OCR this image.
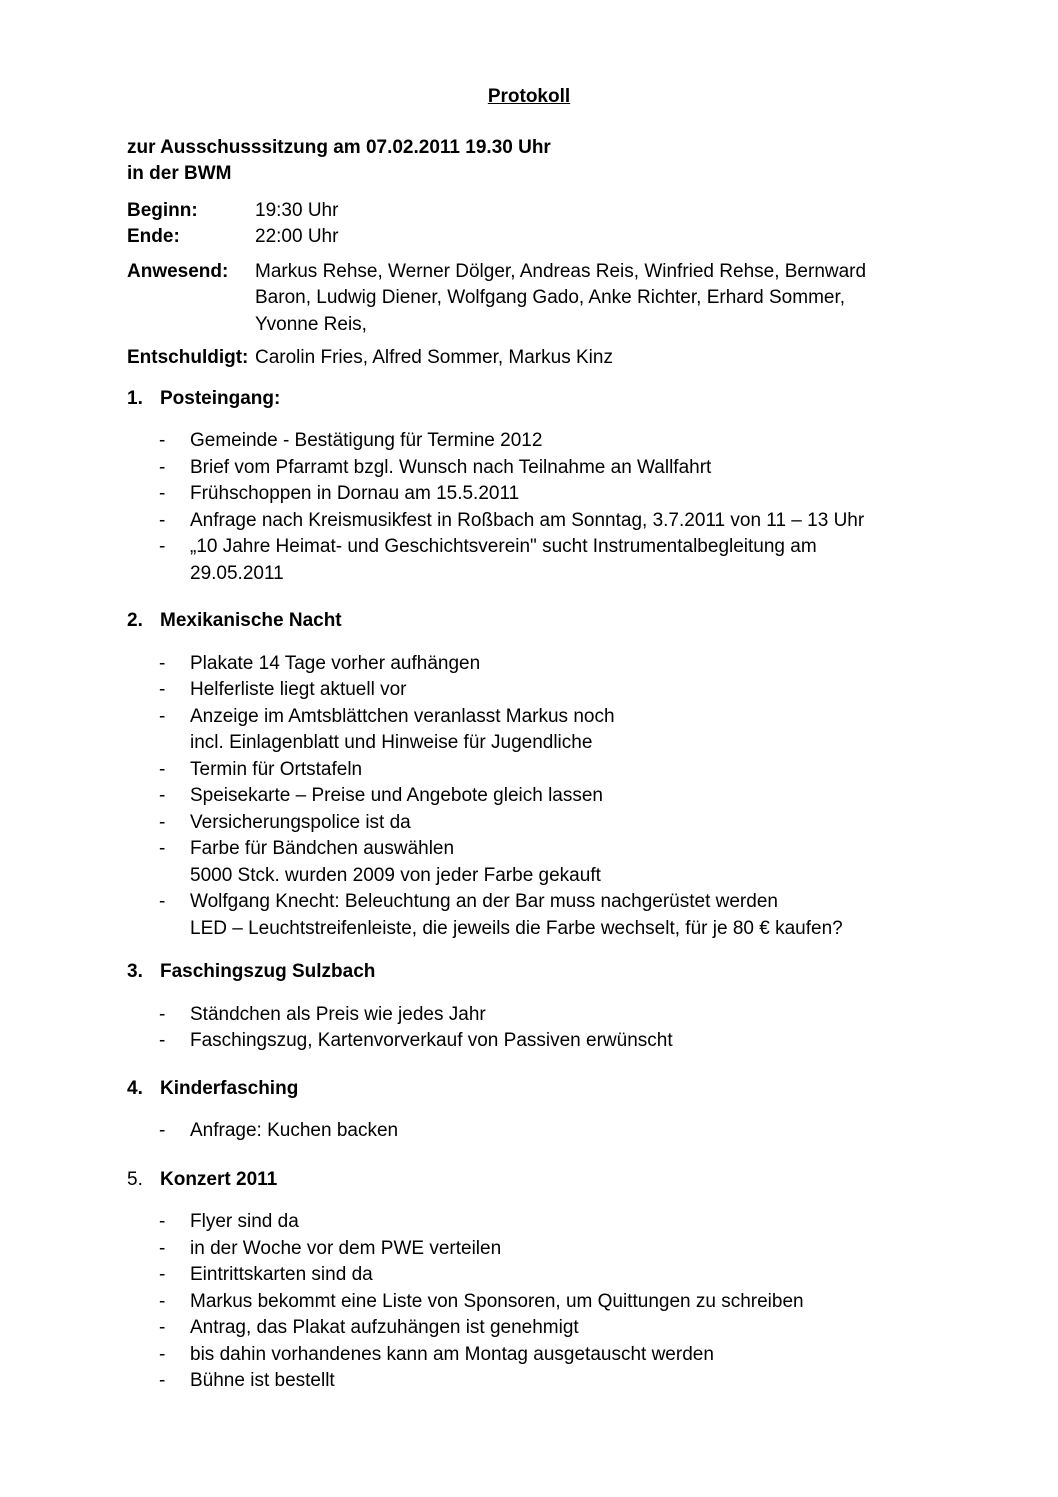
Protokoll
zur Ausschusssitzung am 07.02.2011 19.30 Uhr
in der BWM
Beginn:	19:30 Uhr
Ende:	22:00 Uhr
Anwesend:	Markus Rehse, Werner Dölger, Andreas Reis, Winfried Rehse, Bernward
Baron, Ludwig Diener, Wolfgang Gado, Anke Richter, Erhard Sommer,
Yvonne Reis,
Entschuldigt: Carolin Fries, Alfred Sommer, Markus Kinz
1. Posteingang:
-	Gemeinde - Bestätigung für Termine 2012
-	Brief vom Pfarramt bzgl. Wunsch nach Teilnahme an Wallfahrt
-	Frühschoppen in Dornau am 15.5.2011
-	Anfrage nach Kreismusikfest in Roßbach am Sonntag, 3.7.2011 von 11 – 13 Uhr
-	„10 Jahre Heimat- und Geschichtsverein" sucht Instrumentalbegleitung am
29.05.2011
2. Mexikanische Nacht
-	Plakate 14 Tage vorher aufhängen
-	Helferliste liegt aktuell vor
-	Anzeige im Amtsblättchen veranlasst Markus noch
incl. Einlagenblatt und Hinweise für Jugendliche
-	Termin für Ortstafeln
-	Speisekarte – Preise und Angebote gleich lassen
-	Versicherungspolice ist da
-	Farbe für Bändchen auswählen
5000 Stck. wurden 2009 von jeder Farbe gekauft
-	Wolfgang Knecht: Beleuchtung an der Bar muss nachgerüstet werden
LED – Leuchtstreifenleiste, die jeweils die Farbe wechselt, für je 80 € kaufen?
3. Faschingszug Sulzbach
-	Ständchen als Preis wie jedes Jahr
-	Faschingszug, Kartenvorverkauf von Passiven erwünscht
4. Kinderfasching
-	Anfrage: Kuchen backen
5. Konzert 2011
-	Flyer sind da
-	in der Woche vor dem PWE verteilen
-	Eintrittskarten sind da
-	Markus bekommt eine Liste von Sponsoren, um Quittungen zu schreiben
-	Antrag, das Plakat aufzuhängen ist genehmigt
-	bis dahin vorhandenes kann am Montag ausgetauscht werden
-	Bühne ist bestellt
